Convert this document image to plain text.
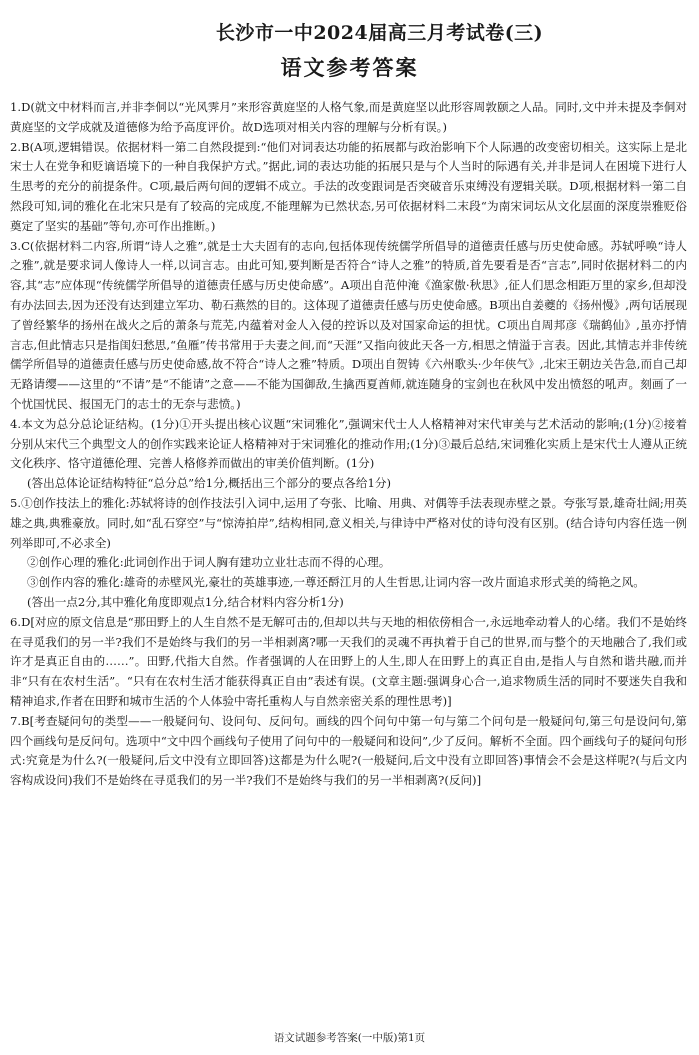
长沙市一中2024届高三月考试卷(三)
语文参考答案

1.D(就文中材料而言,并非李侗以“光风霁月”来形容黄庭坚的人格气象,而是黄庭坚以此形容周敦颐之人品。同时,文中并未提及李侗对黄庭坚的文学成就及道德修为给予高度评价。故D选项对相关内容的理解与分析有误。)

2.B(A项,逻辑错误。依据材料一第二自然段提到:“他们对词表达功能的拓展都与政治影响下个人际遇的改变密切相关。这实际上是北宋士人在党争和贬谪语境下的一种自我保护方式。”据此,词的表达功能的拓展只是与个人当时的际遇有关,并非是词人在困境下进行人生思考的充分的前提条件。C项,最后两句间的逻辑不成立。手法的改变跟词是否突破音乐束缚没有逻辑关联。D项,根据材料一第二自然段可知,词的雅化在北宋只是有了较高的完成度,不能理解为已然状态,另可依据材料二末段“为南宋词坛从文化层面的深度崇雅贬俗奠定了坚实的基础”等句,亦可作出推断。)

3.C(依据材料二内容,所谓“诗人之雅”,就是士大夫固有的志向,包括体现传统儒学所倡导的道德责任感与历史使命感。苏轼呼唤“诗人之雅”,就是要求词人像诗人一样,以词言志。由此可知,要判断是否符合“诗人之雅”的特质,首先要看是否“言志”,同时依据材料二的内容,其“志”应体现“传统儒学所倡导的道德责任感与历史使命感”。A项出自范仲淹《渔家傲·秋思》,征人们思念相距万里的家乡,但却没有办法回去,因为还没有达到建立军功、勒石燕然的目的。这体现了道德责任感与历史使命感。B项出自姜夔的《扬州慢》,两句话展现了曾经繁华的扬州在战火之后的萧条与荒芜,内蕴着对金人入侵的控诉以及对国家命运的担忧。C项出自周邦彦《瑞鹤仙》,虽亦抒情言志,但此情志只是指闺妇愁思,“鱼雁”传书常用于夫妻之间,而“天涯”又指向彼此天各一方,相思之情溢于言表。因此,其情志并非传统儒学所倡导的道德责任感与历史使命感,故不符合“诗人之雅”特质。D项出自贺铸《六州歌头·少年侠气》,北宋王朝边关告急,而自己却无路请缨——这里的“不请”是“不能请”之意——不能为国御敌,生擒西夏酋师,就连随身的宝剑也在秋风中发出愤怒的吼声。刻画了一个忧国忧民、报国无门的志士的无奈与悲愤。)

4.本文为总分总论证结构。(1分)①开头提出核心议题“宋词雅化”,强调宋代士人人格精神对宋代审美与艺术活动的影响;(1分)②接着分别从宋代三个典型文人的创作实践来论证人格精神对于宋词雅化的推动作用;(1分)③最后总结,宋词雅化实质上是宋代士人遵从正统文化秩序、恪守道德伦理、完善人格修养而做出的审美价值判断。(1分)

(答出总体论证结构特征“总分总”给1分,概括出三个部分的要点各给1分)

5.①创作技法上的雅化:苏轼将诗的创作技法引入词中,运用了夸张、比喻、用典、对偶等手法表现赤壁之景。夸张写景,雄奇壮阔;用英雄之典,典雅豪放。同时,如“乱石穿空”与“惊涛拍岸”,结构相同,意义相关,与律诗中严格对仗的诗句没有区别。(结合诗句内容任选一例列举即可,不必求全)

②创作心理的雅化:此词创作出于词人胸有建功立业壮志而不得的心理。

③创作内容的雅化:雄奇的赤壁风光,豪壮的英雄事迹,一尊还酹江月的人生哲思,让词内容一改片面追求形式美的绮艳之风。

(答出一点2分,其中雅化角度即观点1分,结合材料内容分析1分)

6.D[对应的原文信息是“那田野上的人生自然不是无解可击的,但却以共与天地的相依傍相合一,永远地牵动着人的心绪。我们不是始终在寻觅我们的另一半?我们不是始终与我们的另一半相剥离?哪一天我们的灵魂不再执着于自己的世界,而与整个的天地融合了,我们或许才是真正自由的……”。田野,代指大自然。作者强调的人在田野上的人生,即人在田野上的真正自由,是指人与自然和谐共融,而并非“只有在农村生活”。“只有在农村生活才能获得真正自由”表述有误。(文章主题:强调身心合一,追求物质生活的同时不要迷失自我和精神追求,作者在田野和城市生活的个人体验中寄托重构人与自然亲密关系的理性思考)]

7.B[考查疑问句的类型——一般疑问句、设问句、反问句。画线的四个问句中第一句与第二个问句是一般疑问句,第三句是设问句,第四个画线句是反问句。选项中“文中四个画线句子使用了问句中的一般疑问和设问”,少了反问。解析不全面。四个画线句子的疑问句形式:究竟是为什么?(一般疑问,后文中没有立即回答)这都是为什么呢?(一般疑问,后文中没有立即回答)事情会不会是这样呢?(与后文内容构成设问)我们不是始终在寻觅我们的另一半?我们不是始终与我们的另一半相剥离?(反问)]

语文试题参考答案(一中版)第1页
